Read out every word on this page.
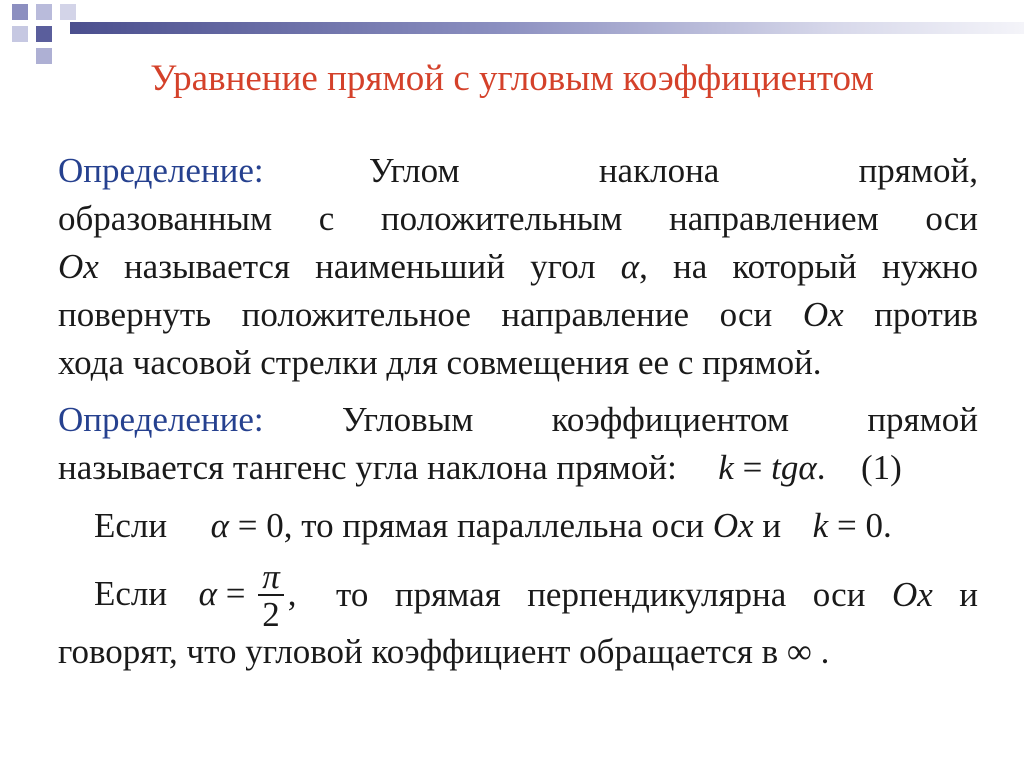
Уравнение прямой с угловым коэффициентом
Определение:	Углом	наклона	прямой,
образованным с положительным направлением оси
Ox называется наименьший угол α, на который нужно
повернуть положительное направление оси Ox против
хода часовой стрелки для совмещения ее с прямой.
Определение: Угловым коэффициентом прямой
называется тангенс угла наклона прямой: k = tgα. (1)
Если α = 0, то прямая параллельна оси Ox и k = 0.
Если $\alpha = \frac{\pi}{2}$ , то прямая перпендикулярна оси Ox и
говорят, что угловой коэффициент обращается в ∞ .
